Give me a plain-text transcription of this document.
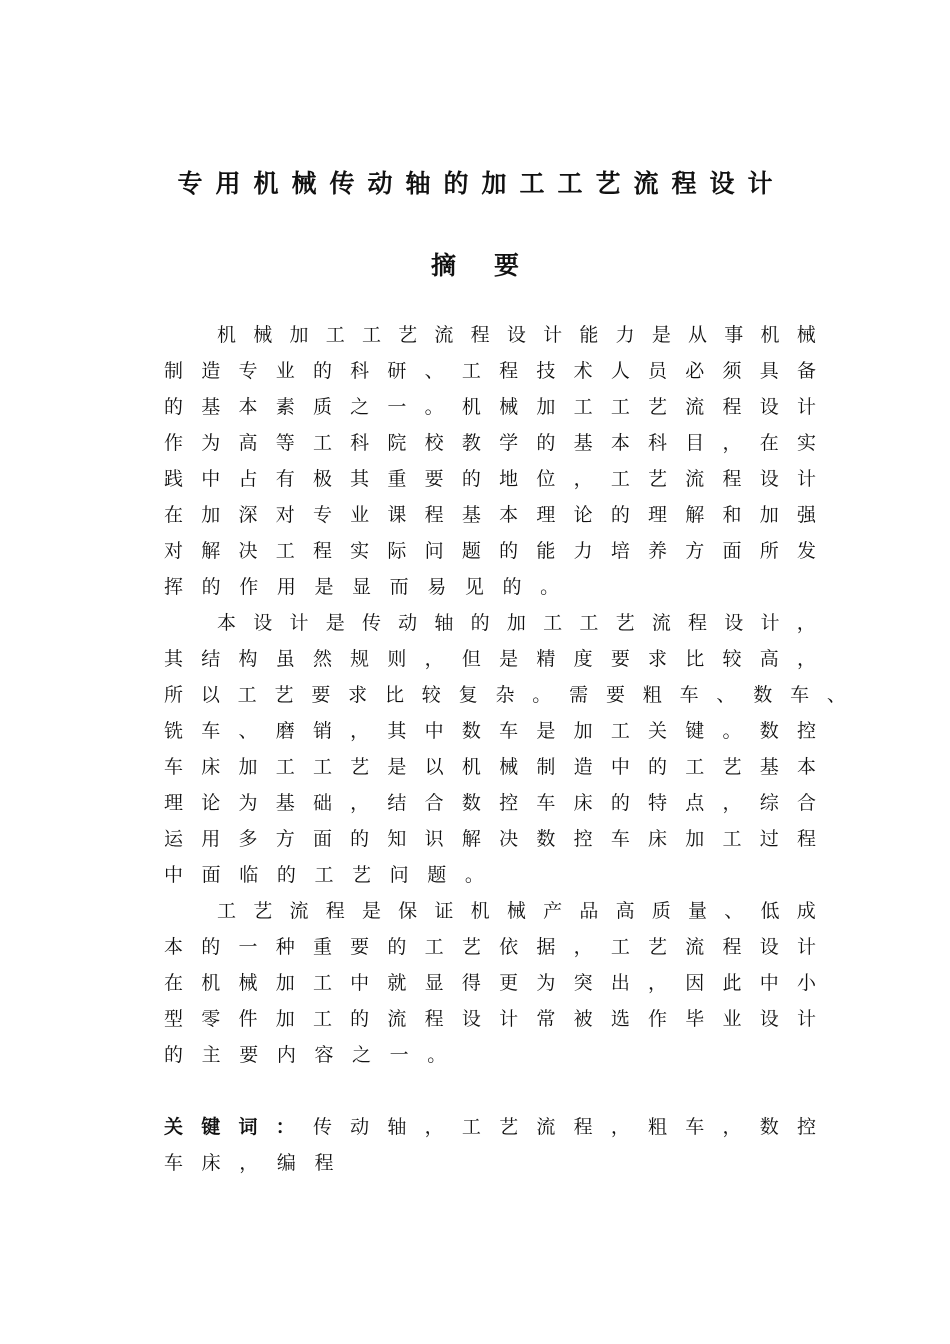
专用机械传动轴的加工工艺流程设计
摘要
机 械 加 工 工 艺 流 程 设 计 能 力 是 从 事 机 械
制 造 专 业 的 科 研 、 工 程 技 术 人 员 必 须 具 备
的 基 本 素 质 之 一 。 机 械 加 工 工 艺 流 程 设 计
作 为 高 等 工 科 院 校 教 学 的 基 本 科 目 ， 在 实
践 中 占 有 极 其 重 要 的 地 位 ， 工 艺 流 程 设 计
在 加 深 对 专 业 课 程 基 本 理 论 的 理 解 和 加 强
对 解 决 工 程 实 际 问 题 的 能 力 培 养 方 面 所 发
挥 的 作 用 是 显 而 易 见 的 。
本 设 计 是 传 动 轴 的 加 工 工 艺 流 程 设 计 ，
其 结 构 虽 然 规 则 ， 但 是 精 度 要 求 比 较 高 ，
所 以 工 艺 要 求 比 较 复 杂 。 需 要 粗 车 、 数 车 、
铣 车 、 磨 销 ， 其 中 数 车 是 加 工 关 键 。 数 控
车 床 加 工 工 艺 是 以 机 械 制 造 中 的 工 艺 基 本
理 论 为 基 础 ， 结 合 数 控 车 床 的 特 点 ， 综 合
运 用 多 方 面 的 知 识 解 决 数 控 车 床 加 工 过 程
中 面 临 的 工 艺 问 题 。
工 艺 流 程 是 保 证 机 械 产 品 高 质 量 、 低 成
本 的 一 种 重 要 的 工 艺 依 据 ， 工 艺 流 程 设 计
在 机 械 加 工 中 就 显 得 更 为 突 出 ， 因 此 中 小
型 零 件 加 工 的 流 程 设 计 常 被 选 作 毕 业 设 计
的 主 要 内 容 之 一 。
关 键 词 ： 传 动 轴 ， 工 艺 流 程 ， 粗 车 ， 数 控
车 床 ， 编 程
